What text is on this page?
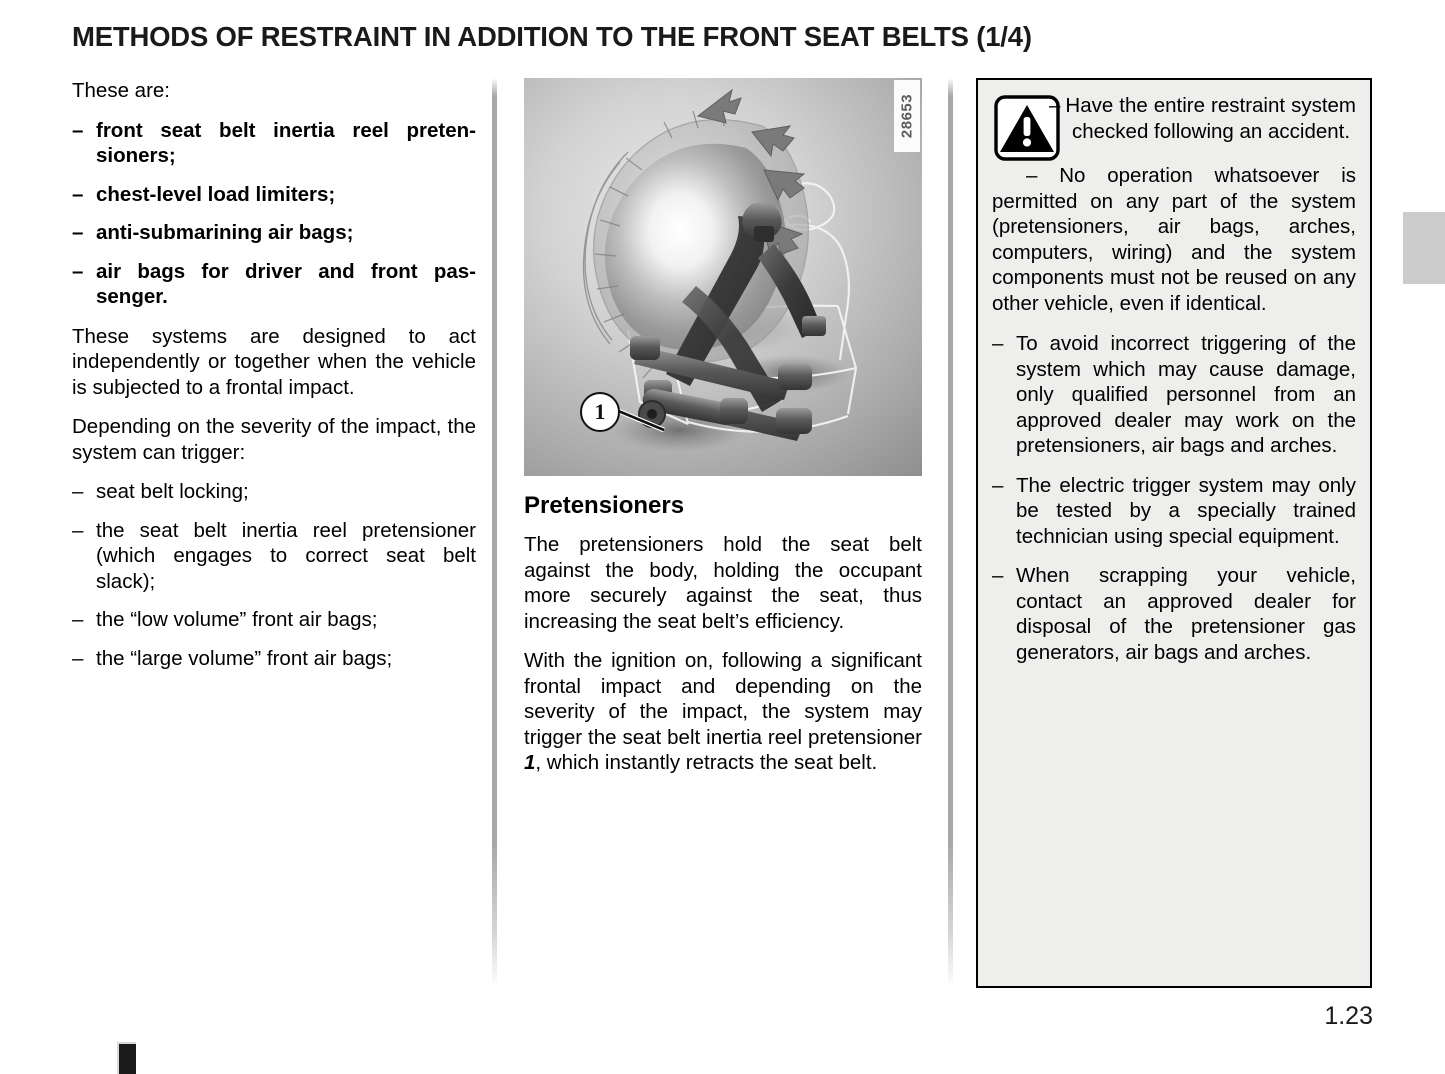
METHODS OF RESTRAINT IN ADDITION TO THE FRONT SEAT BELTS (1/4)

These are:

– front seat belt inertia reel preten-sioners;
– chest-level load limiters;
– anti-submarining air bags;
– air bags for driver and front pas-senger.

These systems are designed to act independently or together when the vehicle is subjected to a frontal impact.

Depending on the severity of the impact, the system can trigger:

– seat belt locking;
– the seat belt inertia reel pretensioner (which engages to correct seat belt slack);
– the “low volume” front air bags;
– the “large volume” front air bags;
1
28653
Pretensioners

The pretensioners hold the seat belt against the body, holding the occupant more securely against the seat, thus increasing the seat belt’s efficiency.

With the ignition on, following a significant frontal impact and depending on the severity of the impact, the system may trigger the seat belt inertia reel pretensioner 1, which instantly retracts the seat belt.

– Have the entire restraint system checked following an accident.

– No operation whatsoever is permitted on any part of the system (pretensioners, air bags, arches, computers, wiring) and the system components must not be reused on any other vehicle, even if identical.

– To avoid incorrect triggering of the system which may cause damage, only qualified personnel from an approved dealer may work on the pretensioners, air bags and arches.
– The electric trigger system may only be tested by a specially trained technician using special equipment.
– When scrapping your vehicle, contact an approved dealer for disposal of the pretensioner gas generators, air bags and arches.
1.23
